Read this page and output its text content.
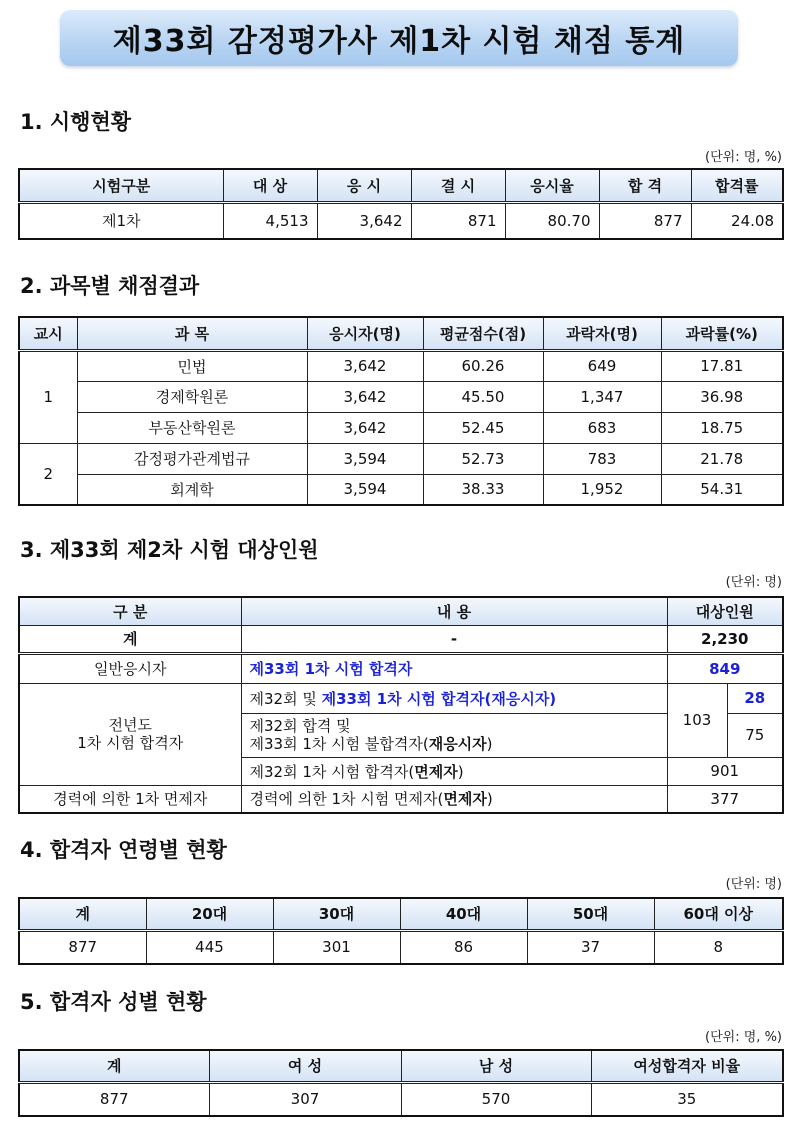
제33회 감정평가사 제1차 시험 채점 통계
1. 시행현황
(단위: 명, %)
시험구분	대 상	응 시	결 시	응시율	합 격	합격률
제1차	4,513	3,642	871	80.70	877	24.08
2. 과목별 채점결과
교시	과 목	응시자(명)	평균점수(점)	과락자(명)	과락률(%)
1	민법	3,642	60.26	649	17.81
	경제학원론	3,642	45.50	1,347	36.98
	부동산학원론	3,642	52.45	683	18.75
2	감정평가관계법규	3,594	52.73	783	21.78
	회계학	3,594	38.33	1,952	54.31
3. 제33회 제2차 시험 대상인원
(단위: 명)
구 분	내 용	대상인원	
계	-	2,230	
일반응시자	제33회 1차 시험 합격자	849	
전년도
1차 시험 합격자	제32회 및 제33회 1차 시험 합격자(재응시자)	103	28
	제32회 합격 및
제33회 1차 시험 불합격자(재응시자)		75
	제32회 1차 시험 합격자(면제자)	901	
경력에 의한 1차 면제자	경력에 의한 1차 시험 면제자(면제자)	377	
4. 합격자 연령별 현황
(단위: 명)
계	20대	30대	40대	50대	60대 이상
877	445	301	86	37	8
5. 합격자 성별 현황
(단위: 명, %)
계	여 성	남 성	여성합격자 비율
877	307	570	35
